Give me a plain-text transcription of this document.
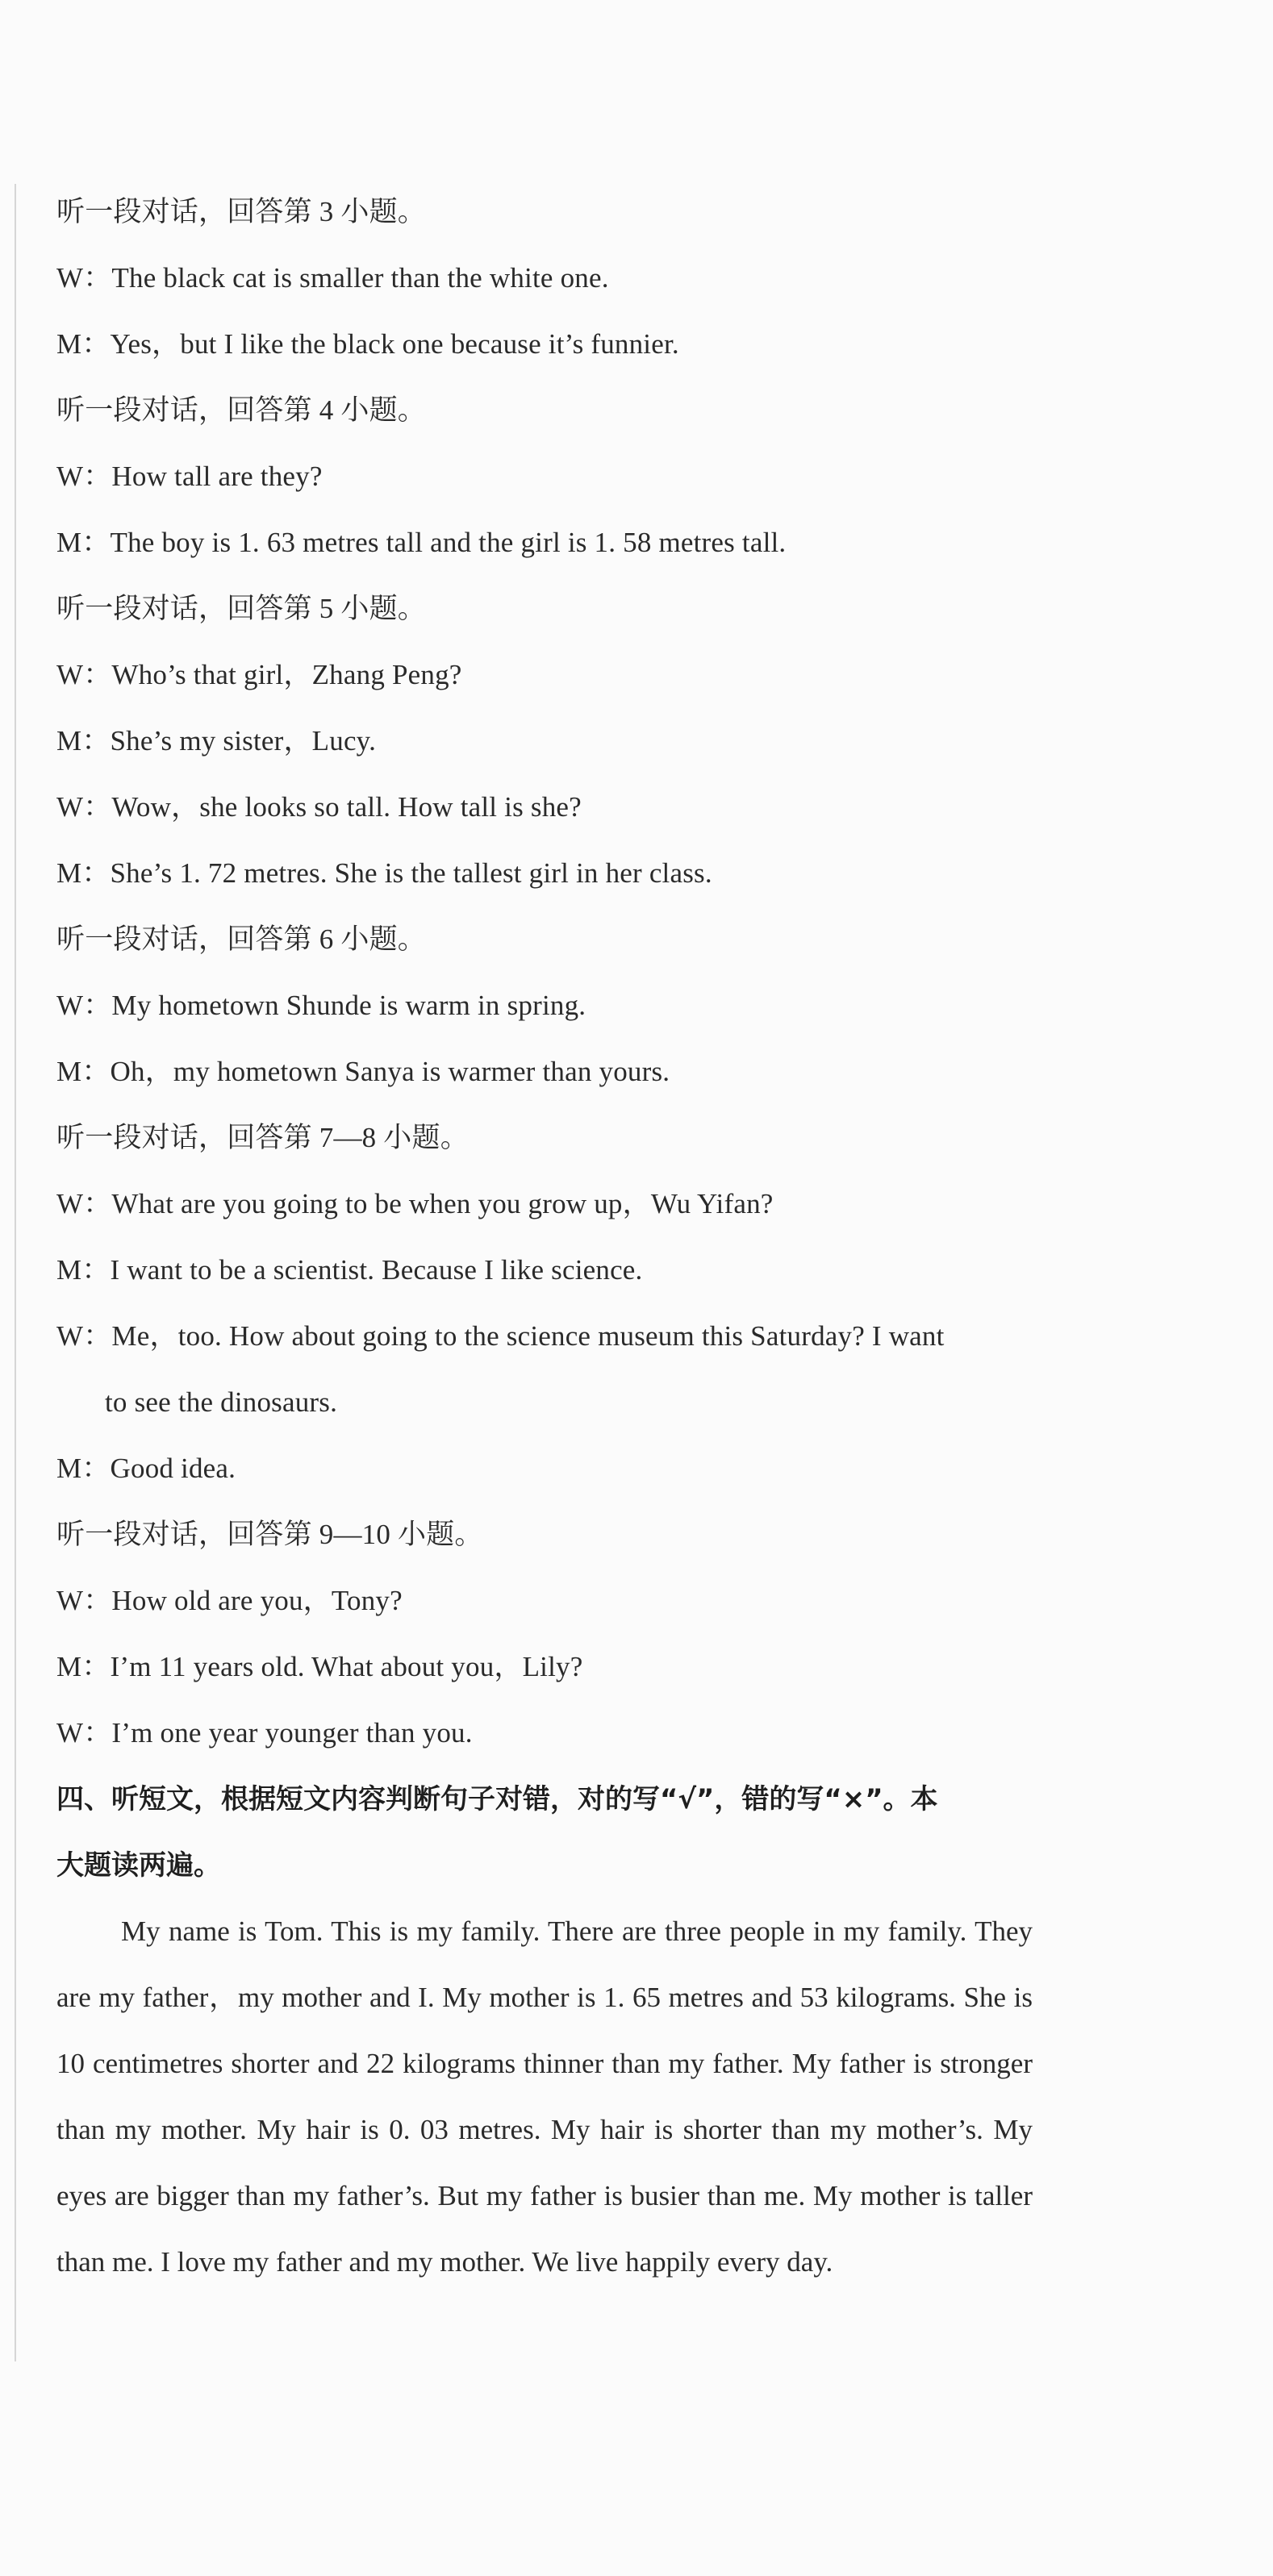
听一段对话，回答第 3 小题。
W：The black cat is smaller than the white one.
M：Yes，but I like the black one because it’s funnier.
听一段对话，回答第 4 小题。
W：How tall are they?
M：The boy is 1. 63 metres tall and the girl is 1. 58 metres tall.
听一段对话，回答第 5 小题。
W：Who’s that girl，Zhang Peng?
M：She’s my sister，Lucy.
W：Wow，she looks so tall. How tall is she?
M：She’s 1. 72 metres. She is the tallest girl in her class.
听一段对话，回答第 6 小题。
W：My hometown Shunde is warm in spring.
M：Oh，my hometown Sanya is warmer than yours.
听一段对话，回答第 7—8 小题。
W：What are you going to be when you grow up，Wu Yifan?
M：I want to be a scientist. Because I like science.
W：Me，too. How about going to the science museum this Saturday? I want
to see the dinosaurs.
M：Good idea.
听一段对话，回答第 9—10 小题。
W：How old are you，Tony?
M：I’m 11 years old. What about you，Lily?
W：I’m one year younger than you.
四、听短文，根据短文内容判断句子对错，对的写“√”，错的写“×”。本
大题读两遍。

My name is Tom. This is my family. There are three people in my family. They are my father，my mother and I. My mother is 1. 65 metres and 53 kilograms. She is 10 centimetres shorter and 22 kilograms thinner than my father. My father is stronger than my mother. My hair is 0. 03 metres. My hair is shorter than my mother’s. My eyes are bigger than my father’s. But my father is busier than me. My mother is taller than me. I love my father and my mother. We live happily every day.
